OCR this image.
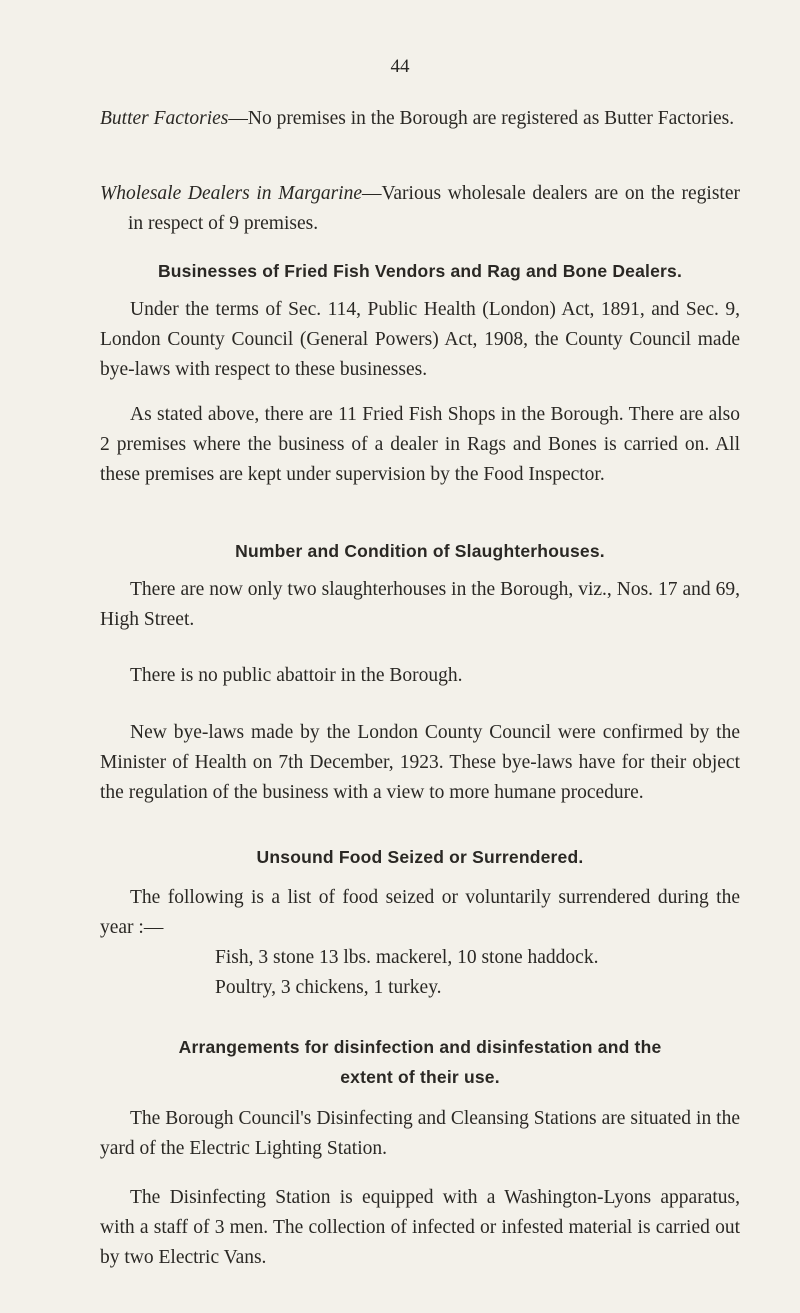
44

Butter Factories—No premises in the Borough are registered as Butter Factories.

Wholesale Dealers in Margarine—Various wholesale dealers are on the register in respect of 9 premises.

Businesses of Fried Fish Vendors and Rag and Bone Dealers.

Under the terms of Sec. 114, Public Health (London) Act, 1891, and Sec. 9, London County Council (General Powers) Act, 1908, the County Council made bye-laws with respect to these businesses.

As stated above, there are 11 Fried Fish Shops in the Borough. There are also 2 premises where the business of a dealer in Rags and Bones is carried on. All these premises are kept under supervision by the Food Inspector.

Number and Condition of Slaughterhouses.

There are now only two slaughterhouses in the Borough, viz., Nos. 17 and 69, High Street.

There is no public abattoir in the Borough.

New bye-laws made by the London County Council were confirmed by the Minister of Health on 7th December, 1923. These bye-laws have for their object the regulation of the business with a view to more humane procedure.

Unsound Food Seized or Surrendered.

The following is a list of food seized or voluntarily surrendered during the year :—

Fish, 3 stone 13 lbs. mackerel, 10 stone haddock.

Poultry, 3 chickens, 1 turkey.

Arrangements for disinfection and disinfestation and the
extent of their use.

The Borough Council's Disinfecting and Cleansing Stations are situated in the yard of the Electric Lighting Station.

The Disinfecting Station is equipped with a Washington-Lyons apparatus, with a staff of 3 men. The collection of infected or infested material is carried out by two Electric Vans.
